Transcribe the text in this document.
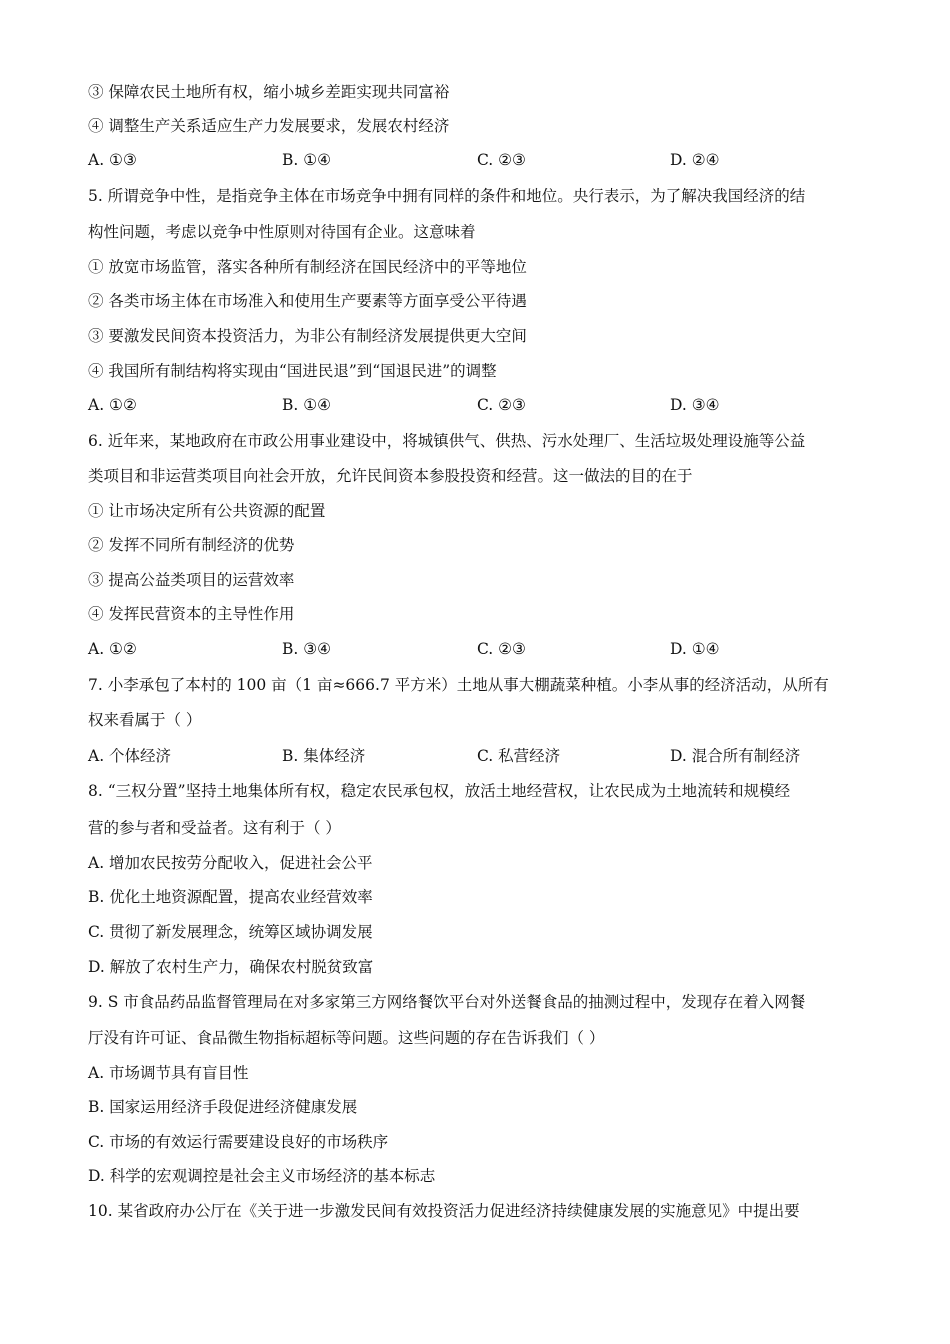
③ 保障农民土地所有权，缩小城乡差距实现共同富裕
④ 调整生产关系适应生产力发展要求，发展农村经济
A. ①③	B. ①④	C. ②③	D. ②④
5. 所谓竞争中性，是指竞争主体在市场竞争中拥有同样的条件和地位。央行表示，为了解决我国经济的结
构性问题，考虑以竞争中性原则对待国有企业。这意味着
① 放宽市场监管，落实各种所有制经济在国民经济中的平等地位
② 各类市场主体在市场准入和使用生产要素等方面享受公平待遇
③ 要激发民间资本投资活力，为非公有制经济发展提供更大空间
④ 我国所有制结构将实现由“国进民退”到“国退民进”的调整
A. ①②	B. ①④	C. ②③	D. ③④
6. 近年来，某地政府在市政公用事业建设中，将城镇供气、供热、污水处理厂、生活垃圾处理设施等公益
类项目和非运营类项目向社会开放，允许民间资本参股投资和经营。这一做法的目的在于
① 让市场决定所有公共资源的配置
② 发挥不同所有制经济的优势
③ 提高公益类项目的运营效率
④ 发挥民营资本的主导性作用
A. ①②	B. ③④	C. ②③	D. ①④
7. 小李承包了本村的 100 亩（1 亩≈666.7 平方米）土地从事大棚蔬菜种植。小李从事的经济活动，从所有
权来看属于（ ）
A. 个体经济	B. 集体经济	C. 私营经济	D. 混合所有制经济
8. “三权分置”坚持土地集体所有权，稳定农民承包权，放活土地经营权，让农民成为土地流转和规模经
营的参与者和受益者。这有利于（ ）
A. 增加农民按劳分配收入，促进社会公平
B. 优化土地资源配置，提高农业经营效率
C. 贯彻了新发展理念，统筹区域协调发展
D. 解放了农村生产力，确保农村脱贫致富
9. S 市食品药品监督管理局在对多家第三方网络餐饮平台对外送餐食品的抽测过程中，发现存在着入网餐
厅没有许可证、食品微生物指标超标等问题。这些问题的存在告诉我们（ ）
A. 市场调节具有盲目性
B. 国家运用经济手段促进经济健康发展
C. 市场的有效运行需要建设良好的市场秩序
D. 科学的宏观调控是社会主义市场经济的基本标志
10. 某省政府办公厅在《关于进一步激发民间有效投资活力促进经济持续健康发展的实施意见》中提出要
